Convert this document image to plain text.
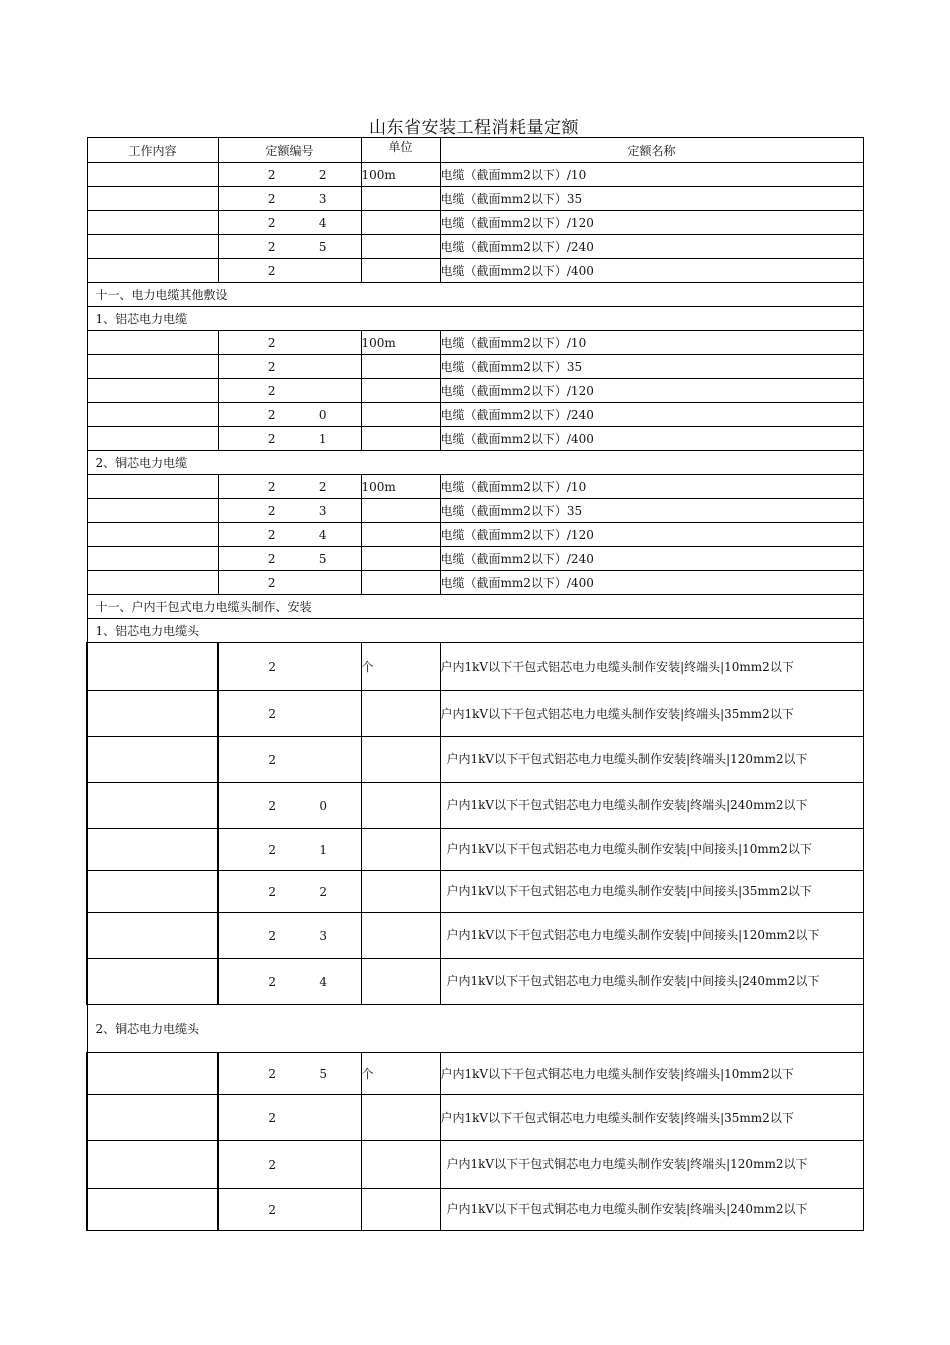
山东省安装工程消耗量定额
工作内容	定额编号	单位	定额名称

	2 2	100m	电缆（截面mm2以下）/10

	2 3		电缆（截面mm2以下）35

	2 4		电缆（截面mm2以下）/120

	2 5		电缆（截面mm2以下）/240

	2		电缆（截面mm2以下）/400
十一、电力电缆其他敷设			
1、铝芯电力电缆			

	2	100m	电缆（截面mm2以下）/10

	2		电缆（截面mm2以下）35

	2		电缆（截面mm2以下）/120

	2 0		电缆（截面mm2以下）/240

	2 1		电缆（截面mm2以下）/400
2、铜芯电力电缆			

	2 2	100m	电缆（截面mm2以下）/10

	2 3		电缆（截面mm2以下）35

	2 4		电缆（截面mm2以下）/120

	2 5		电缆（截面mm2以下）/240

	2		电缆（截面mm2以下）/400
十一、户内干包式电力电缆头制作、安装			
1、铝芯电力电缆头			

	2	个	户内1kV以下干包式铝芯电力电缆头制作安装|终端头|10mm2以下

	2		户内1kV以下干包式铝芯电力电缆头制作安装|终端头|35mm2以下

	2		户内1kV以下干包式铝芯电力电缆头制作安装|终端头|120mm2以下

	2 0		户内1kV以下干包式铝芯电力电缆头制作安装|终端头|240mm2以下

	2 1		户内1kV以下干包式铝芯电力电缆头制作安装|中间接头|10mm2以下

	2 2		户内1kV以下干包式铝芯电力电缆头制作安装|中间接头|35mm2以下

	2 3		户内1kV以下干包式铝芯电力电缆头制作安装|中间接头|120mm2以下

	2 4		户内1kV以下干包式铝芯电力电缆头制作安装|中间接头|240mm2以下
2、铜芯电力电缆头			

	2 5	个	户内1kV以下干包式铜芯电力电缆头制作安装|终端头|10mm2以下

	2		户内1kV以下干包式铜芯电力电缆头制作安装|终端头|35mm2以下

	2		户内1kV以下干包式铜芯电力电缆头制作安装|终端头|120mm2以下

	2		户内1kV以下干包式铜芯电力电缆头制作安装|终端头|240mm2以下
